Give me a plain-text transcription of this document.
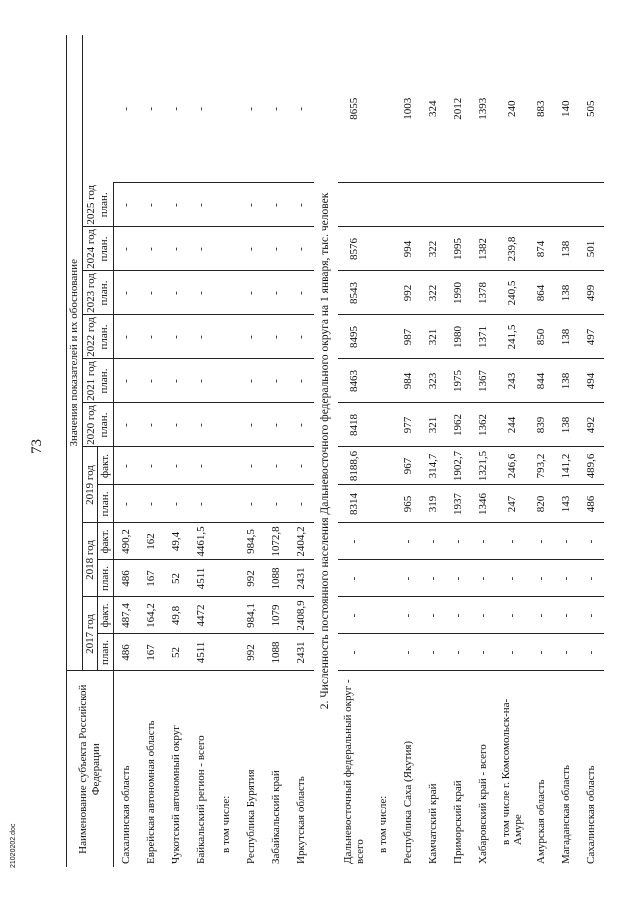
73
21020202.doc	Наименование субъекта Российской Федерации	Значения показателей и их обоснование												
	2017 год		2018 год		2019 год		2020 год план.	2021 год план.	2022 год план.	2023 год план.	2024 год план.	2025 год план.	
	план.	факт.	план.	факт.	план.	факт.							
Сахалинская область	486	487,4	486	490,2	-	-	-	-	-	-	-	-	-
Еврейская автономная область	167	164,2	167	162	-	-	-	-	-	-	-	-	-
Чукотский автономный округ	52	49,8	52	49,4	-	-	-	-	-	-	-	-	-
Байкальский регион - всего	4511	4472	4511	4461,5	-	-	-	-	-	-	-	-	-
в том числе:													
Республика Бурятия	992	984,1	992	984,5	-	-	-	-	-	-	-	-	-
Забайкальский край	1088	1079	1088	1072,8	-	-	-	-	-	-	-	-	-
Иркутская область	2431	2408,9	2431	2404,2	-	-	-	-	-	-	-	-	-
2. Численность постоянного населения Дальневосточного федерального округа на 1 января, тыс. человек													
Дальневосточный федеральный округ - всего	-	-	-	-	8314	8188,6	8418	8463	8495	8543	8576		8655
в том числе:													
Республика Саха (Якутия)	-	-	-	-	965	967	977	984	987	992	994		1003
Камчатский край	-	-	-	-	319	314,7	321	323	321	322	322		324
Приморский край	-	-	-	-	1937	1902,7	1962	1975	1980	1990	1995		2012
Хабаровский край - всего	-	-	-	-	1346	1321,5	1362	1367	1371	1378	1382		1393
в том числе г. Комсомольск-на-Амуре	-	-	-	-	247	246,6	244	243	241,5	240,5	239,8		240
Амурская область	-	-	-	-	820	793,2	839	844	850	864	874		883
Магаданская область	-	-	-	-	143	141,2	138	138	138	138	138		140
Сахалинская область	-	-	-	-	486	489,6	492	494	497	499	501		505
